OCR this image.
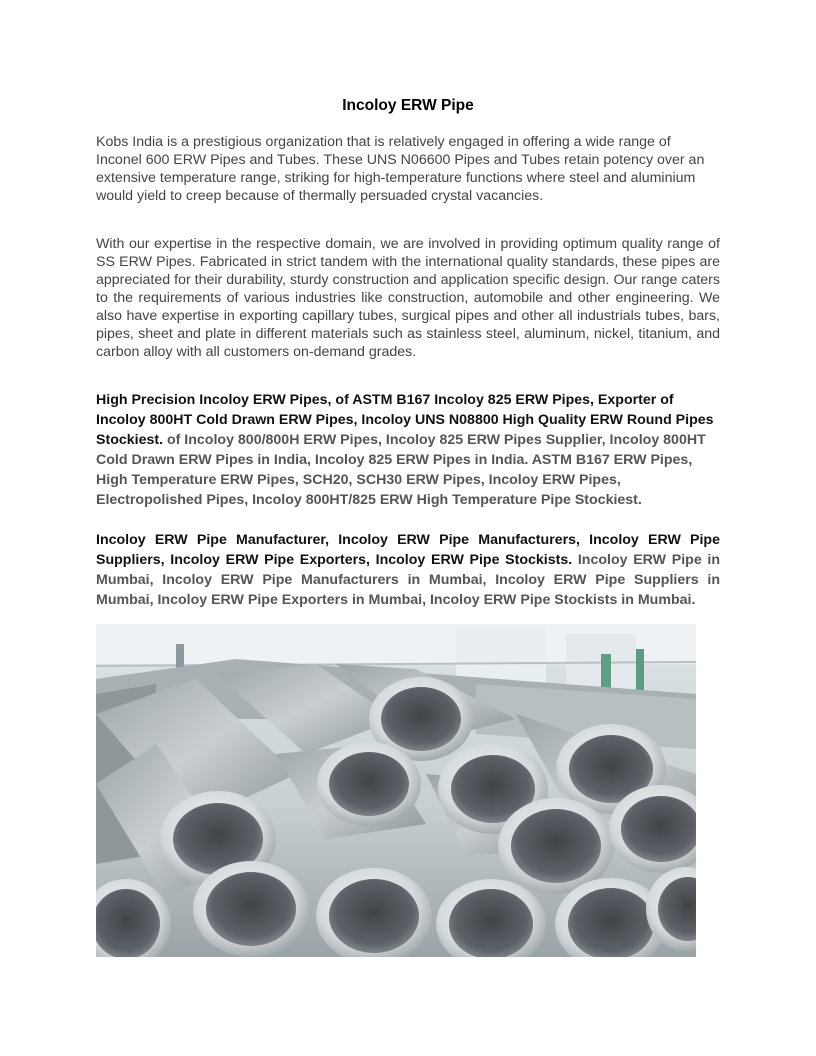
Incoloy ERW Pipe
Kobs India is a prestigious organization that is relatively engaged in offering a wide range of Inconel 600 ERW Pipes and Tubes. These UNS N06600 Pipes and Tubes retain potency over an extensive temperature range, striking for high-temperature functions where steel and aluminium would yield to creep because of thermally persuaded crystal vacancies.
With our expertise in the respective domain, we are involved in providing optimum quality range of SS ERW Pipes. Fabricated in strict tandem with the international quality standards, these pipes are appreciated for their durability, sturdy construction and application specific design. Our range caters to the requirements of various industries like construction, automobile and other engineering. We also have expertise in exporting capillary tubes, surgical pipes and other all industrials tubes, bars, pipes, sheet and plate in different materials such as stainless steel, aluminum, nickel, titanium, and carbon alloy with all customers on-demand grades.
High Precision Incoloy ERW Pipes, of ASTM B167 Incoloy 825 ERW Pipes, Exporter of Incoloy 800HT Cold Drawn ERW Pipes, Incoloy UNS N08800 High Quality ERW Round Pipes Stockiest. of Incoloy 800/800H ERW Pipes, Incoloy 825 ERW Pipes Supplier, Incoloy 800HT Cold Drawn ERW Pipes in India, Incoloy 825 ERW Pipes in India. ASTM B167 ERW Pipes, High Temperature ERW Pipes, SCH20, SCH30 ERW Pipes, Incoloy ERW Pipes, Electropolished Pipes, Incoloy 800HT/825 ERW High Temperature Pipe Stockiest.
Incoloy ERW Pipe Manufacturer, Incoloy ERW Pipe Manufacturers, Incoloy ERW Pipe Suppliers, Incoloy ERW Pipe Exporters, Incoloy ERW Pipe Stockists. Incoloy ERW Pipe in Mumbai, Incoloy ERW Pipe Manufacturers in Mumbai, Incoloy ERW Pipe Suppliers in Mumbai, Incoloy ERW Pipe Exporters in Mumbai, Incoloy ERW Pipe Stockists in Mumbai.
